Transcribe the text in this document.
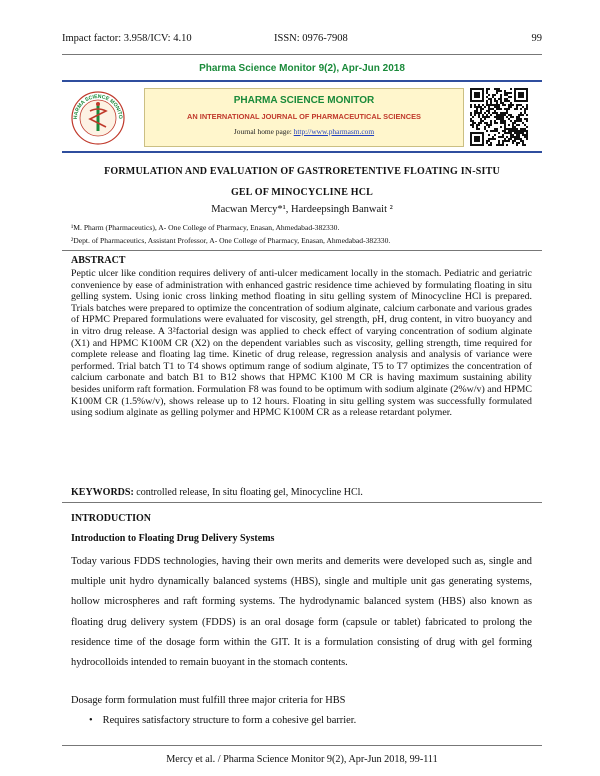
Impact factor: 3.958/ICV: 4.10	ISSN: 0976-7908	99
Pharma Science Monitor 9(2), Apr-Jun 2018
HARMA SCIENCE MONITO
PHARMA SCIENCE MONITOR
AN INTERNATIONAL JOURNAL OF PHARMACEUTICAL SCIENCES
Journal home page: http://www.pharmasm.com
FORMULATION AND EVALUATION OF GASTRORETENTIVE FLOATING IN-SITU
GEL OF MINOCYCLINE HCL
Macwan Mercy*¹, Hardeepsingh Banwait ²
¹M. Pharm (Pharmaceutics), A- One College of Pharmacy, Enasan, Ahmedabad-382330.
²Dept. of Pharmaceutics, Assistant Professor, A- One College of Pharmacy, Enasan, Ahmedabad-382330.
ABSTRACT

Peptic ulcer like condition requires delivery of anti-ulcer medicament locally in the stomach. Pediatric and geriatric convenience by ease of administration with enhanced gastric residence time achieved by formulating floating in situ gelling system. Using ionic cross linking method floating in situ gelling system of Minocycline HCl is prepared. Trials batches were prepared to optimize the concentration of sodium alginate, calcium carbonate and various grades of HPMC Prepared formulations were evaluated for viscosity, gel strength, pH, drug content, in vitro buoyancy and in vitro drug release. A 3²factorial design was applied to check effect of varying concentration of sodium alginate (X1) and HPMC K100M CR (X2) on the dependent variables such as viscosity, gelling strength, time required for complete release and floating lag time. Kinetic of drug release, regression analysis and analysis of variance were performed. Trial batch T1 to T4 shows optimum range of sodium alginate, T5 to T7 optimizes the concentration of calcium carbonate and batch B1 to B12 shows that HPMC K100 M CR is having maximum sustaining ability besides uniform raft formation. Formulation F8 was found to be optimum with sodium alginate (2%w/v) and HPMC K100M CR (1.5%w/v), shows release up to 12 hours. Floating in situ gelling system was successfully formulated using sodium alginate as gelling polymer and HPMC K100M CR as a release retardant polymer.

KEYWORDS: controlled release, In situ floating gel, Minocycline HCl.
INTRODUCTION
Introduction to Floating Drug Delivery Systems

Today various FDDS technologies, having their own merits and demerits were developed such as, single and multiple unit hydro dynamically balanced systems (HBS), single and multiple unit gas generating systems, hollow microspheres and raft forming systems. The hydrodynamic balanced system (HBS) also known as floating drug delivery system (FDDS) is an oral dosage form (capsule or tablet) fabricated to prolong the residence time of the dosage form within the GIT. It is a formulation consisting of drug with gel forming hydrocolloids intended to remain buoyant in the stomach contents.

Dosage form formulation must fulfill three major criteria for HBS
• Requires satisfactory structure to form a cohesive gel barrier.
Mercy et al. / Pharma Science Monitor 9(2), Apr-Jun 2018, 99-111
